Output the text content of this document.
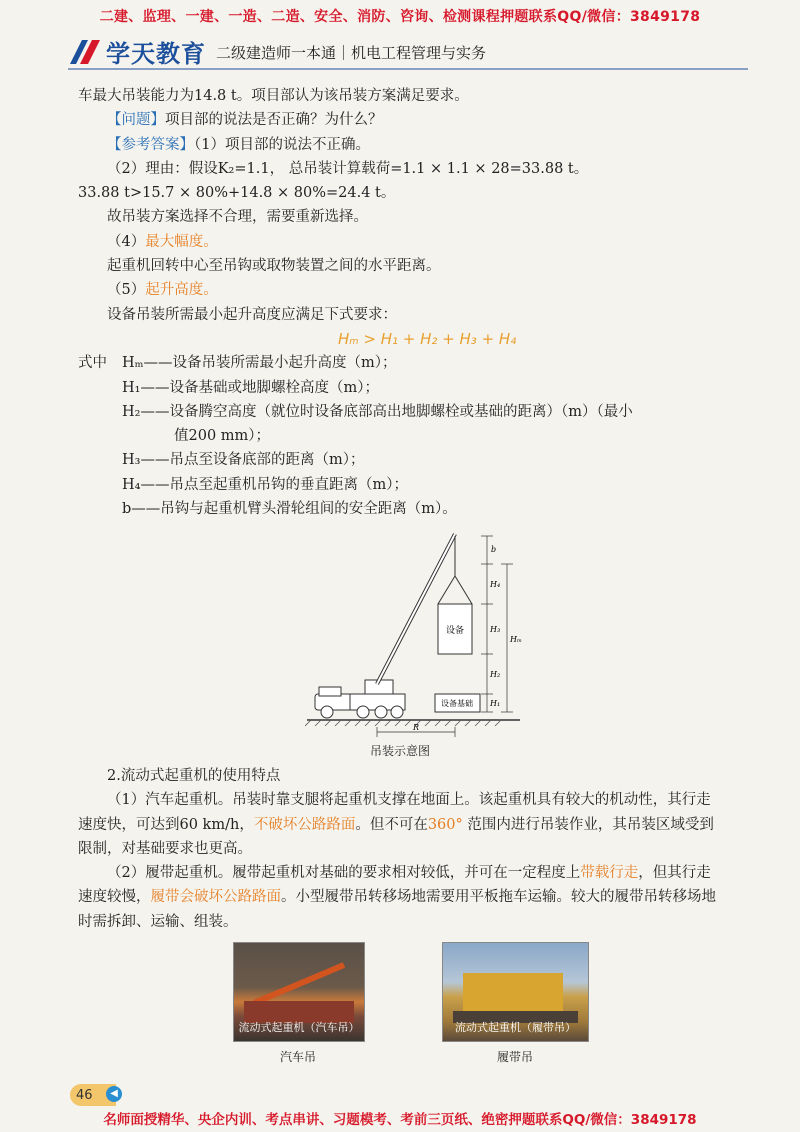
二建、监理、一建、一造、二造、安全、消防、咨询、检测课程押题联系QQ/微信：3849178
学天教育 二级建造师一本通｜机电工程管理与实务

车最大吊装能力为14.8 t。项目部认为该吊装方案满足要求。

【问题】项目部的说法是否正确？为什么？

【参考答案】（1）项目部的说法不正确。

（2）理由：假设K₂=1.1， 总吊装计算载荷=1.1 × 1.1 × 28=33.88 t。

33.88 t>15.7 × 80%+14.8 × 80%=24.4 t。

故吊装方案选择不合理，需要重新选择。

（4）最大幅度。

起重机回转中心至吊钩或取物装置之间的水平距离。

（5）起升高度。

设备吊装所需最小起升高度应满足下式要求：

Hₘ > H₁ + H₂ + H₃ + H₄

式中	Hₘ——设备吊装所需最小起升高度（m）；

H₁——设备基础或地脚螺栓高度（m）；

H₂——设备腾空高度（就位时设备底部高出地脚螺栓或基础的距离）（m）（最小

值200 mm）；

H₃——吊点至设备底部的距离（m）；

H₄——吊点至起重机吊钩的垂直距离（m）；

b——吊钩与起重机臂头滑轮组间的安全距离（m）。

设备
设备基础
b
H₄
H₃
H₂
H₁
Hₘ
R
吊装示意图

2.流动式起重机的使用特点

（1）汽车起重机。吊装时靠支腿将起重机支撑在地面上。该起重机具有较大的机动性，其行走速度快，可达到60 km/h，不破坏公路路面。但不可在360° 范围内进行吊装作业，其吊装区域受到限制，对基础要求也更高。

（2）履带起重机。履带起重机对基础的要求相对较低，并可在一定程度上带载行走，但其行走速度较慢，履带会破坏公路路面。小型履带吊转移场地需要用平板拖车运输。较大的履带吊转移场地时需拆卸、运输、组装。

流动式起重机（汽车吊）
汽车吊
流动式起重机（履带吊）
履带吊
46	◀
名师面授精华、央企内训、考点串讲、习题模考、考前三页纸、绝密押题联系QQ/微信：3849178
